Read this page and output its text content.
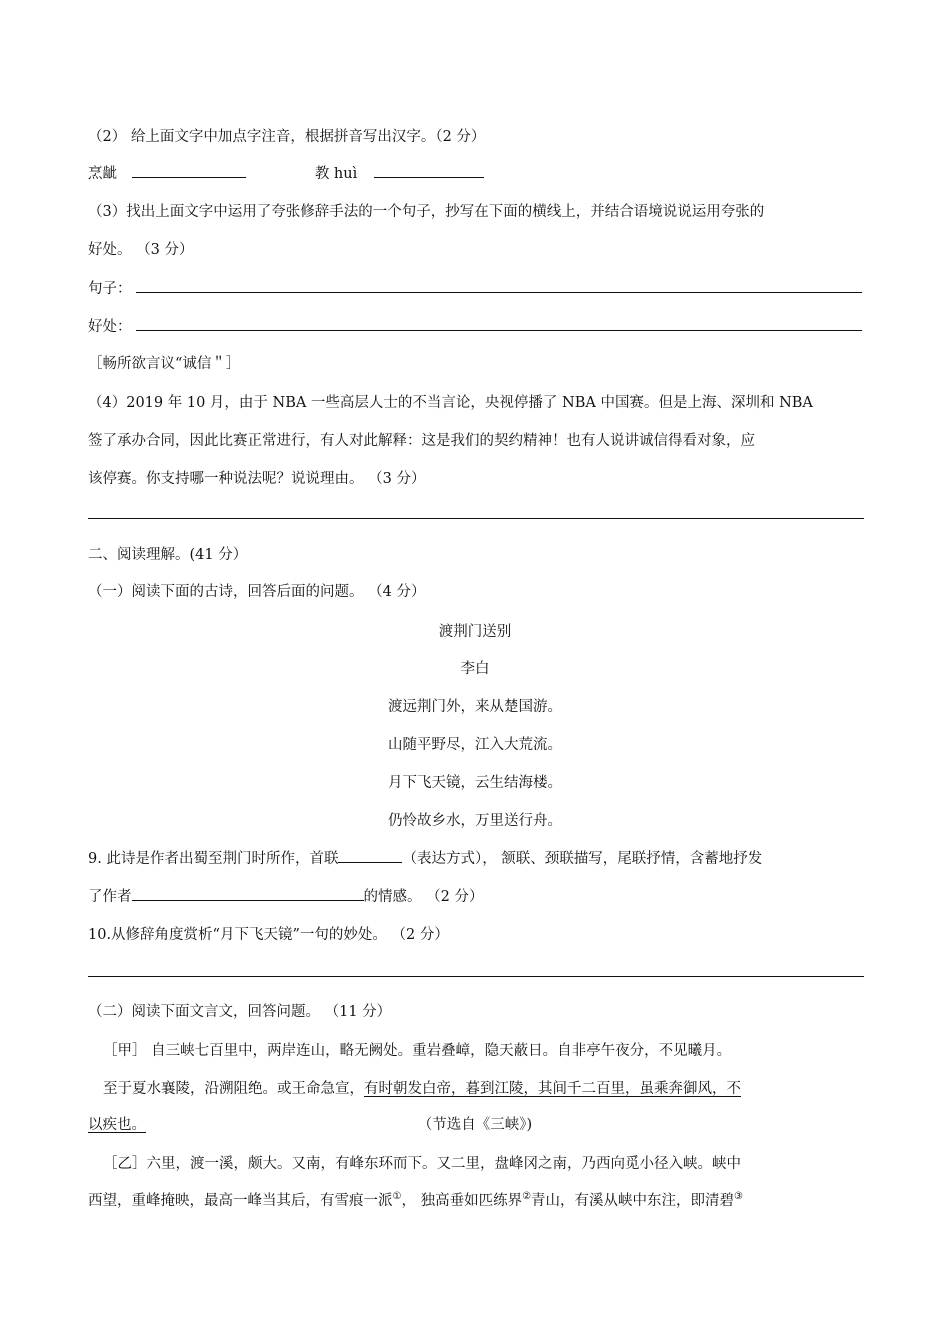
（2） 给上面文字中加点字注音，根据拼音写出汉字。（2 分）
烹龇	教 huì
（3）找出上面文字中运用了夸张修辞手法的一个句子，抄写在下面的横线上，并结合语境说说运用夸张的
好处。 （3 分）
句子：
好处：
［畅所欲言议“诚信＂］
（4）2019 年 10 月，由于 NBA 一些高层人士的不当言论，央视停播了 NBA 中国赛。但是上海、深圳和 NBA
签了承办合同，因此比赛正常进行，有人对此解释：这是我们的契约精神！也有人说讲诚信得看对象，应
该停赛。你支持哪一种说法呢？说说理由。 （3 分）
二、阅读理解。(41 分）
（一）阅读下面的古诗，回答后面的问题。 （4 分）
渡荆门送别
李白
渡远荆门外，来从楚国游。
山随平野尽，江入大荒流。
月下飞天镜，云生结海楼。
仍怜故乡水，万里送行舟。
9. 此诗是作者出蜀至荆门时所作，首联	（表达方式）， 颔联、颈联描写，尾联抒情，含蓄地抒发
了作者	的情感。 （2 分）
10.从修辞角度赏析“月下飞天镜”一句的妙处。 （2 分）
（二）阅读下面文言文，回答问题。 （11 分）
［甲］ 自三峡七百里中，两岸连山，略无阙处。重岩叠嶂，隐天蔽日。自非亭午夜分，不见曦月。
至于夏水襄陵，沿溯阻绝。或王命急宣，有时朝发白帝，暮到江陵，其间千二百里，虽乘奔御风，不
以疾也。	（节选自《三峡》)
［乙］六里，渡一溪，颇大。又南，有峰东环而下。又二里，盘峰冈之南，乃西向觅小径入峡。峡中
西望，重峰掩映，最高一峰当其后，有雪痕一派①， 独高垂如匹练界②青山，有溪从峡中东注，即清碧③
